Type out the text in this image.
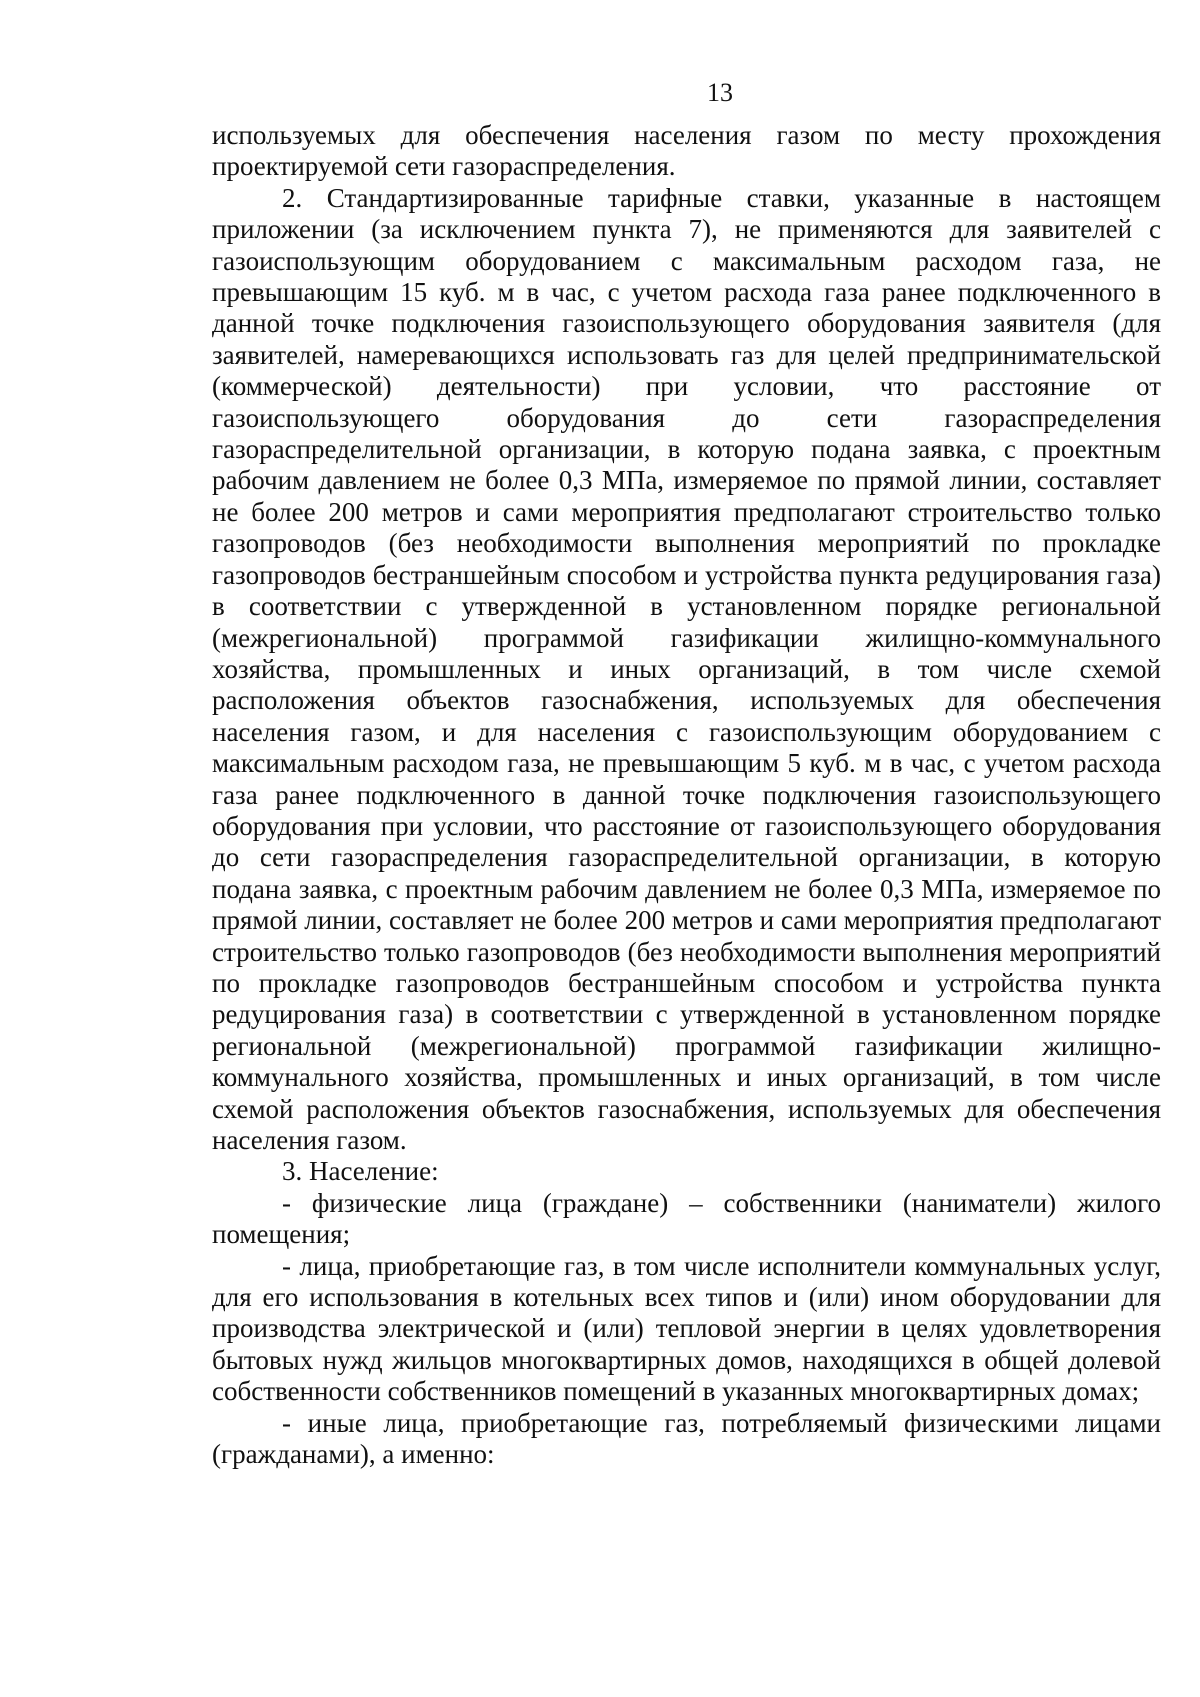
13

используемых для обеспечения населения газом по месту прохождения проектируемой сети газораспределения.

2. Стандартизированные тарифные ставки, указанные в настоящем приложении (за исключением пункта 7), не применяются для заявителей с газоиспользующим оборудованием с максимальным расходом газа, не превышающим 15 куб. м в час, с учетом расхода газа ранее подключенного в данной точке подключения газоиспользующего оборудования заявителя (для заявителей, намеревающихся использовать газ для целей предпринимательской (коммерческой) деятельности) при условии, что расстояние от газоиспользующего оборудования до сети газораспределения газораспределительной организации, в которую подана заявка, с проектным рабочим давлением не более 0,3 МПа, измеряемое по прямой линии, составляет не более 200 метров и сами мероприятия предполагают строительство только газопроводов (без необходимости выполнения мероприятий по прокладке газопроводов бестраншейным способом и устройства пункта редуцирования газа) в соответствии с утвержденной в установленном порядке региональной (межрегиональной) программой газификации жилищно-коммунального хозяйства, промышленных и иных организаций, в том числе схемой расположения объектов газоснабжения, используемых для обеспечения населения газом, и для населения с газоиспользующим оборудованием с максимальным расходом газа, не превышающим 5 куб. м в час, с учетом расхода газа ранее подключенного в данной точке подключения газоиспользующего оборудования при условии, что расстояние от газоиспользующего оборудования до сети газораспределения газораспределительной организации, в которую подана заявка, с проектным рабочим давлением не более 0,3 МПа, измеряемое по прямой линии, составляет не более 200 метров и сами мероприятия предполагают строительство только газопроводов (без необходимости выполнения мероприятий по прокладке газопроводов бестраншейным способом и устройства пункта редуцирования газа) в соответствии с утвержденной в установленном порядке региональной (межрегиональной) программой газификации жилищно-коммунального хозяйства, промышленных и иных организаций, в том числе схемой расположения объектов газоснабжения, используемых для обеспечения населения газом.

3. Население:

- физические лица (граждане) – собственники (наниматели) жилого помещения;

- лица, приобретающие газ, в том числе исполнители коммунальных услуг, для его использования в котельных всех типов и (или) ином оборудовании для производства электрической и (или) тепловой энергии в целях удовлетворения бытовых нужд жильцов многоквартирных домов, находящихся в общей долевой собственности собственников помещений в указанных многоквартирных домах;

- иные лица, приобретающие газ, потребляемый физическими лицами (гражданами), а именно:
